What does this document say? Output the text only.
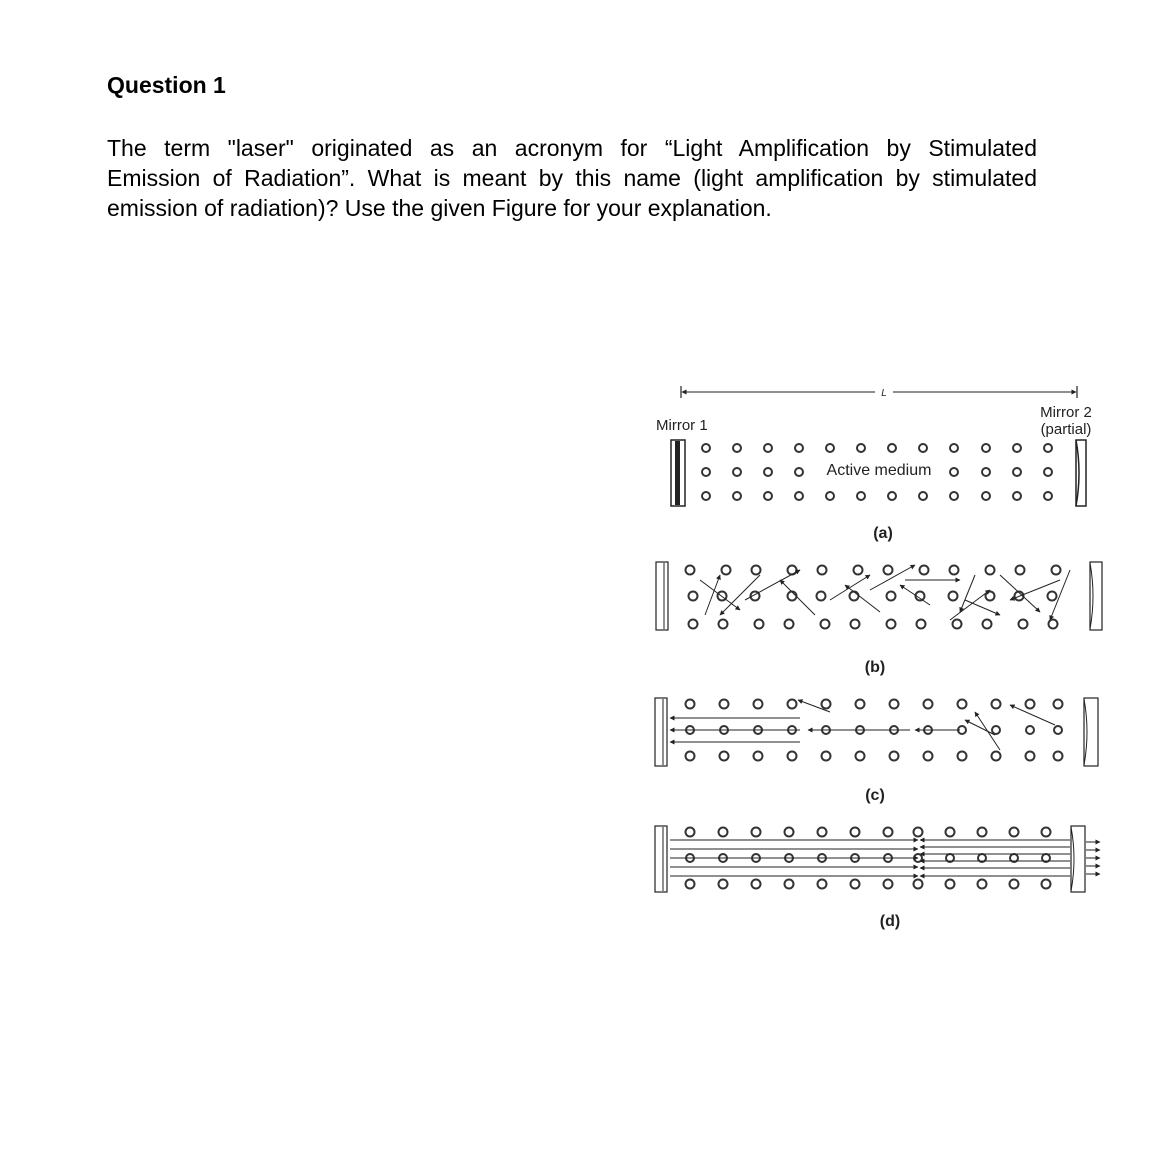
Question 1
The term "laser" originated as an acronym for “Light Amplification by Stimulated
Emission of Radiation”. What is meant by this name (light amplification by stimulated
emission of radiation)? Use the given Figure for your explanation.
L
Mirror 1
Mirror 2
(partial)
Active medium
(a)
(b)
(c)
(d)
